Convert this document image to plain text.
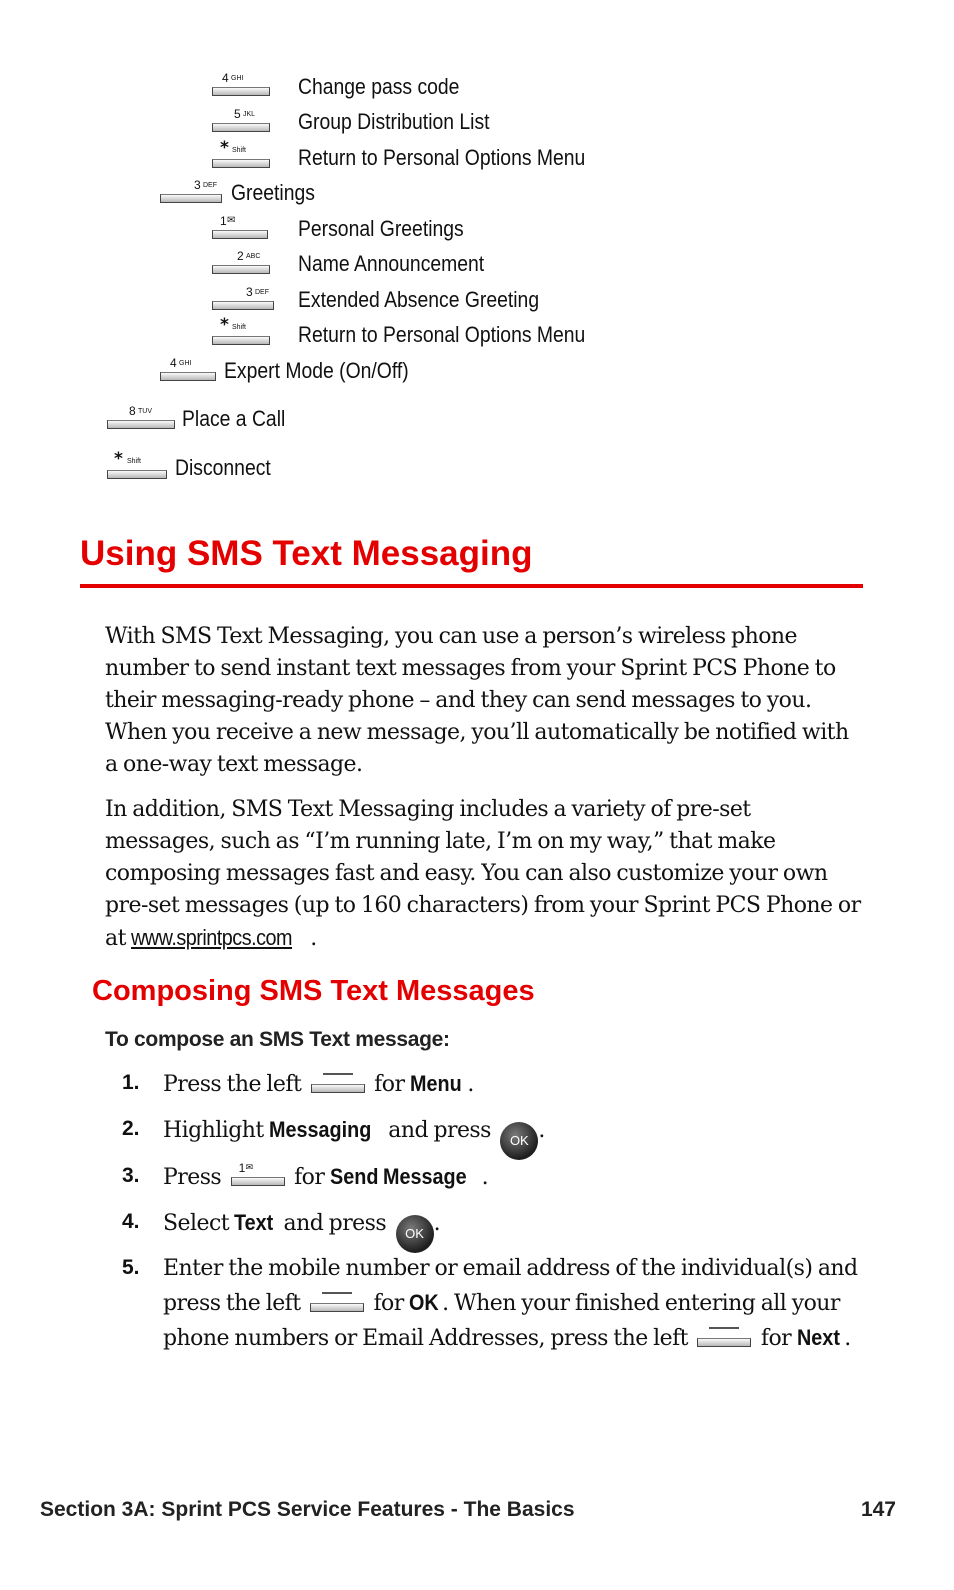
4 GHI Change pass code
5 JKL Group Distribution List
* Shift Return to Personal Options Menu
3 DEF Greetings
1 ✉	Personal Greetings
2 ABC Name Announcement
3 DEF Extended Absence Greeting
* Shift Return to Personal Options Menu
4 GHI Expert Mode (On/Off)
8 TUV Place a Call
* Shift Disconnect
Using SMS Text Messaging

With SMS Text Messaging, you can use a person’s wireless phone number to send instant text messages from your Sprint PCS Phone to their messaging-ready phone – and they can send messages to you. When you receive a new message, you’ll automatically be notified with a one-way text message.

In addition, SMS Text Messaging includes a variety of pre-set messages, such as “I’m running late, I’m on my way,” that make composing messages fast and easy. You can also customize your own pre-set messages (up to 160 characters) from your Sprint PCS Phone or at www.sprintpcs.com .

Composing SMS Text Messages
To compose an SMS Text message:
1. Press the left	for Menu .
2. Highlight Messaging and press OK .
3. Press 1 ✉ for Send Message .
4. Select Text and press OK .
5. Enter the mobile number or email address of the individual(s) and press the left	for OK . When your finished entering all your phone numbers or Email Addresses, press the left	for Next .
Section 3A: Sprint PCS Service Features - The Basics	147
